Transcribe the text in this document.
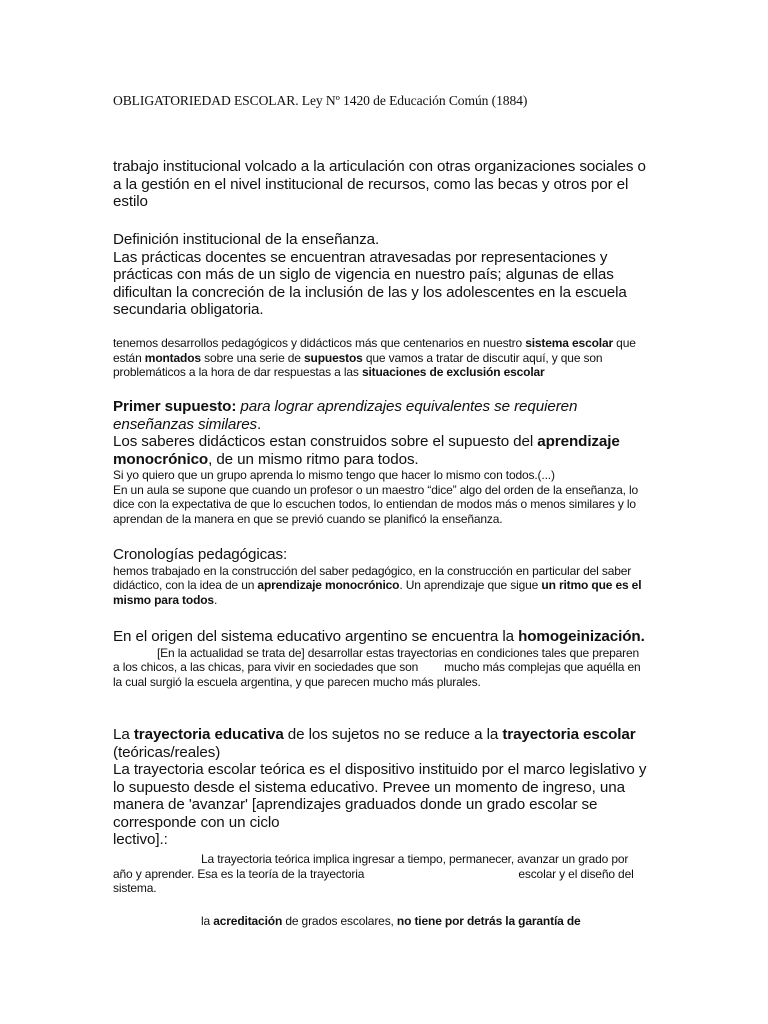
OBLIGATORIEDAD ESCOLAR. Ley Nº 1420 de Educación Común (1884)

trabajo institucional volcado a la articulación con otras organizaciones sociales o a la gestión en el nivel institucional de recursos, como las becas y otros por el estilo

Definición institucional de la enseñanza.
Las prácticas docentes se encuentran atravesadas por representaciones y prácticas con más de un siglo de vigencia en nuestro país; algunas de ellas dificultan la concreción de la inclusión de las y los adolescentes en la escuela secundaria obligatoria.

tenemos desarrollos pedagógicos y didácticos más que centenarios en nuestro sistema escolar que están montados sobre una serie de supuestos que vamos a tratar de discutir aquí, y que son problemáticos a la hora de dar respuestas a las situaciones de exclusión escolar

Primer supuesto: para lograr aprendizajes equivalentes se requieren enseñanzas similares.
Los saberes didácticos estan construidos sobre el supuesto del aprendizaje monocrónico, de un mismo ritmo para todos.
Si yo quiero que un grupo aprenda lo mismo tengo que hacer lo mismo con todos.(...)
En un aula se supone que cuando un profesor o un maestro “dice” algo del orden de la enseñanza, lo dice con la expectativa de que lo escuchen todos, lo entiendan de modos más o menos similares y lo aprendan de la manera en que se previó cuando se planificó la enseñanza.
Cronologías pedagógicas:
hemos trabajado en la construcción del saber pedagógico, en la construcción en particular del saber didáctico, con la idea de un aprendizaje monocrónico. Un aprendizaje que sigue un ritmo que es el mismo para todos.
En el origen del sistema educativo argentino se encuentra la homogeinización.
[En la actualidad se trata de] desarrollar estas trayectorias en condiciones tales que preparen a los chicos, a las chicas, para vivir en sociedades que son mucho más complejas que aquélla en la cual surgió la escuela argentina, y que parecen mucho más plurales.
La trayectoria educativa de los sujetos no se reduce a la trayectoria escolar
(teóricas/reales)
La trayectoria escolar teórica es el dispositivo instituido por el marco legislativo y lo supuesto desde el sistema educativo. Prevee un momento de ingreso, una manera de 'avanzar' [aprendizajes graduados donde un grado escolar se corresponde con un ciclo
lectivo].:

La trayectoria teórica implica ingresar a tiempo, permanecer, avanzar un grado por año y aprender. Esa es la teoría de la trayectoria	escolar y el diseño del sistema.

la acreditación de grados escolares, no tiene por detrás la garantía de
